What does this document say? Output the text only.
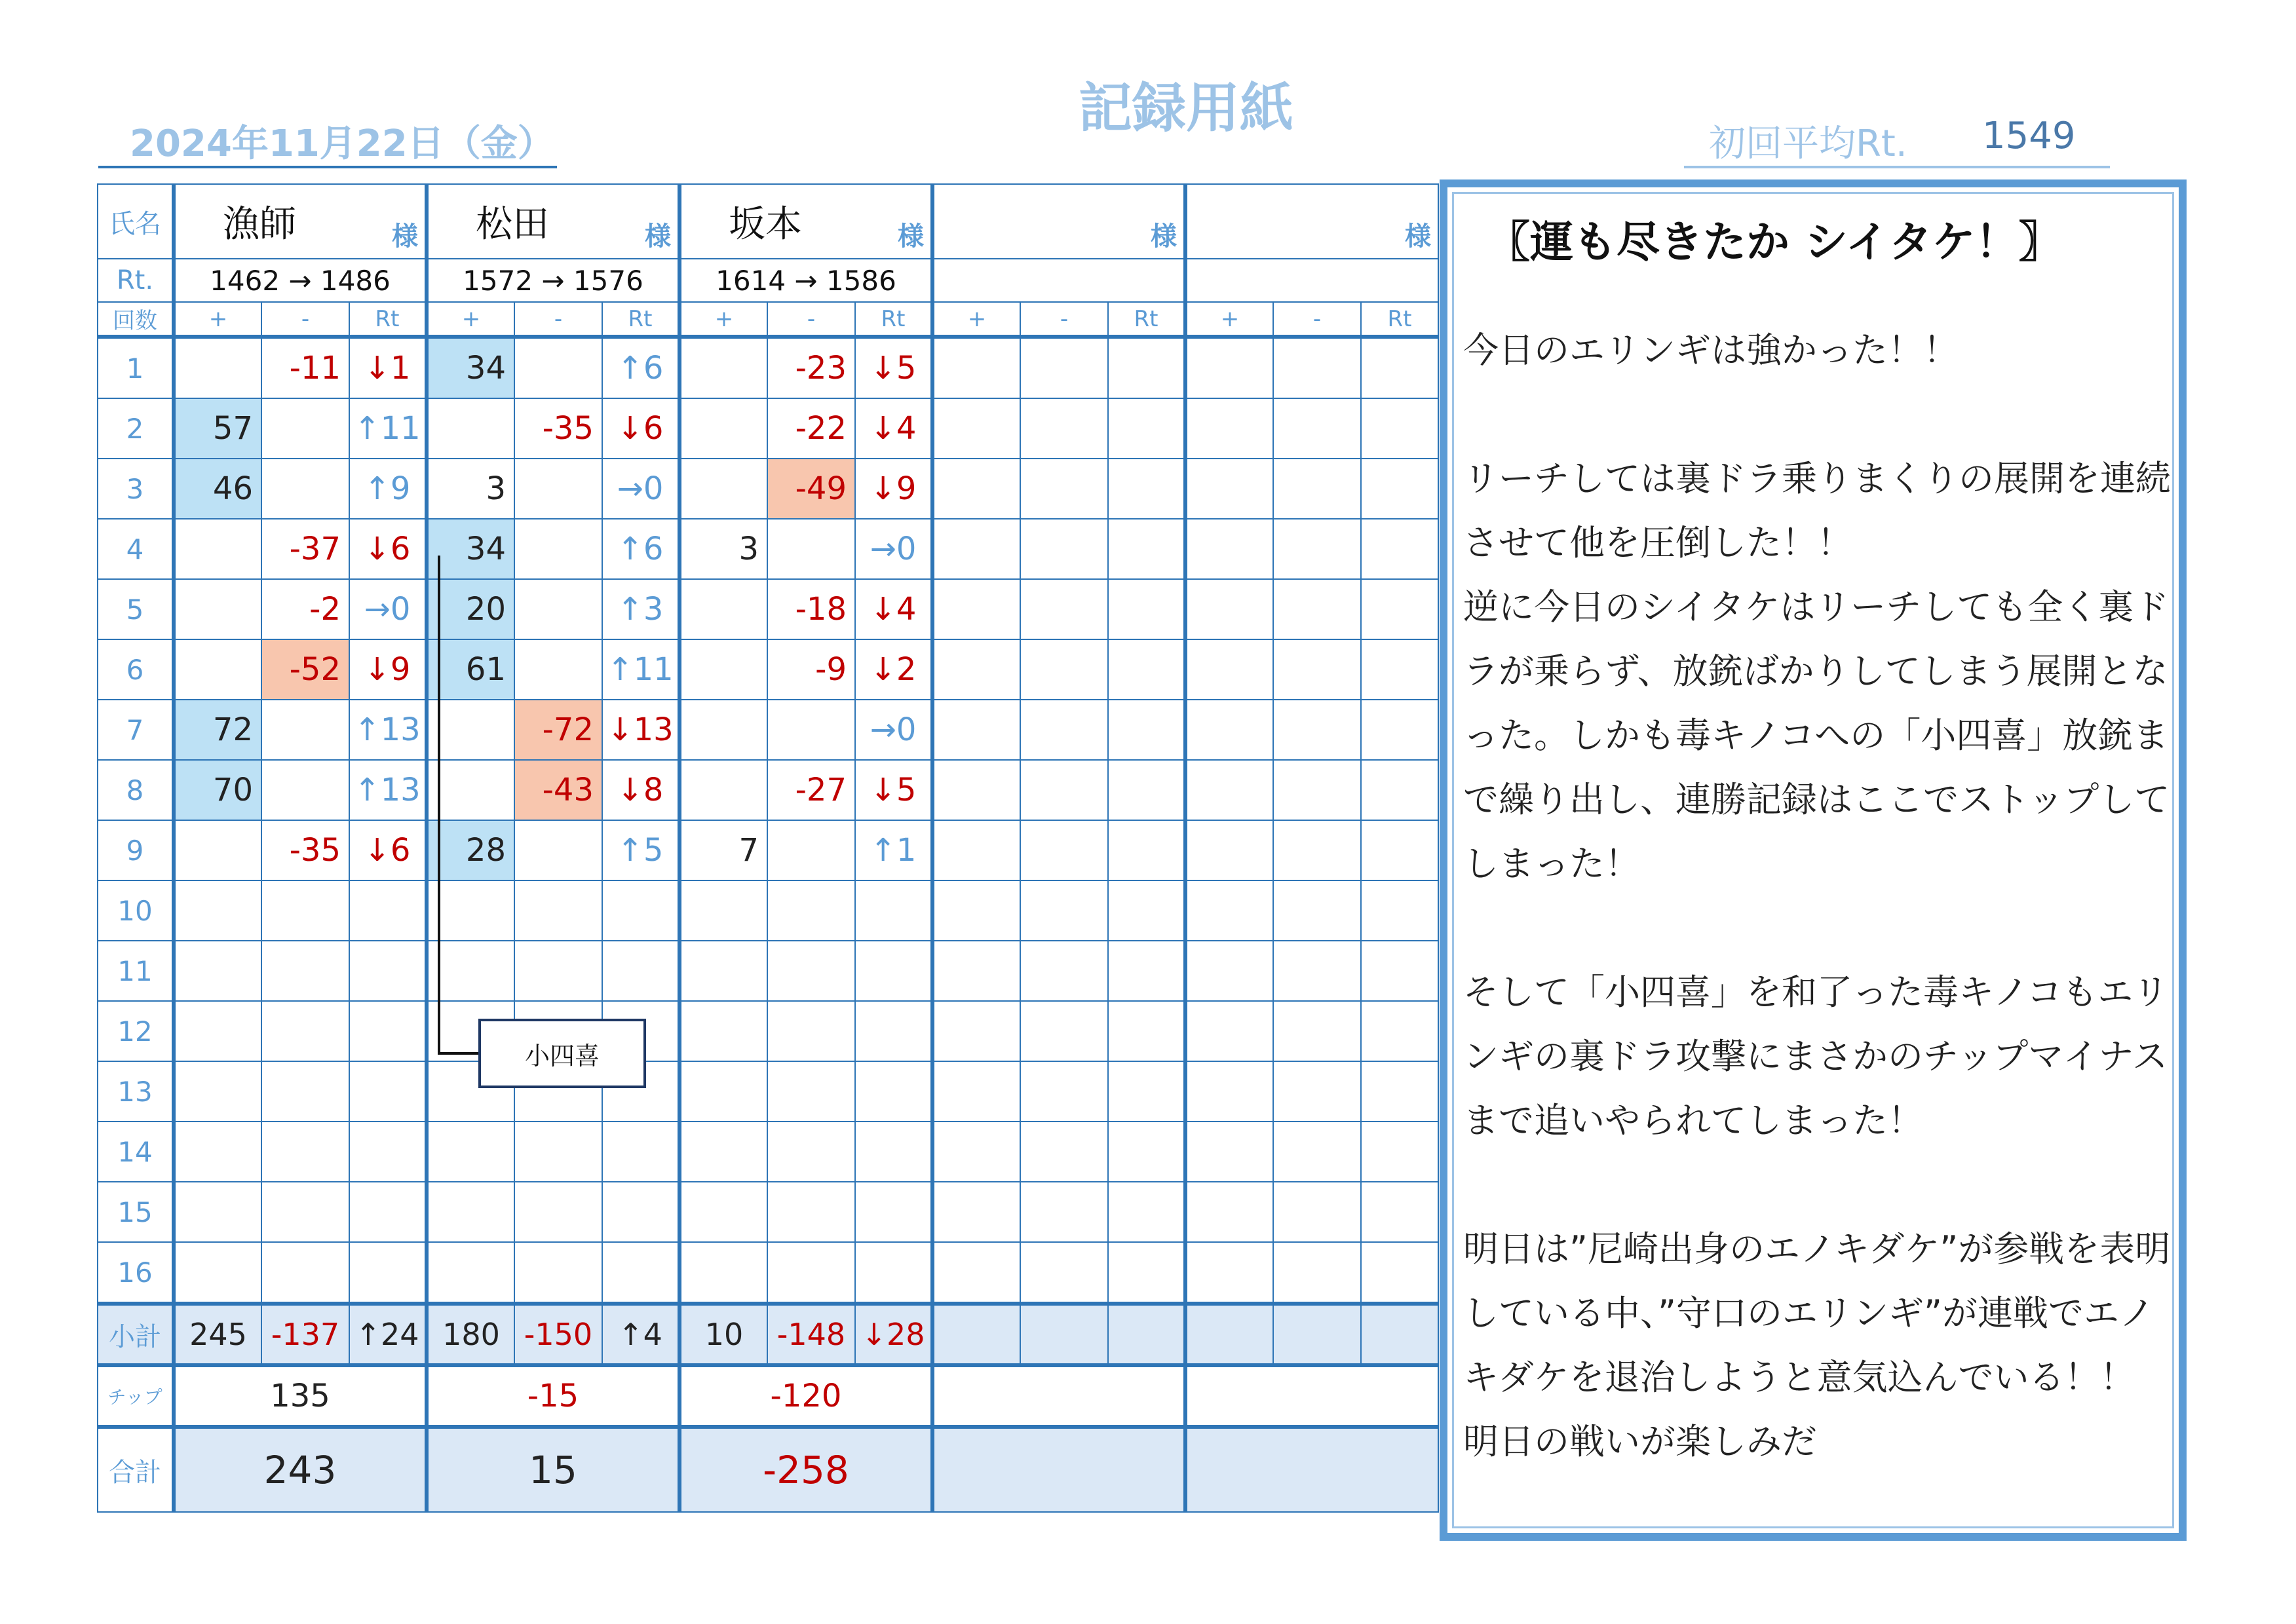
記録用紙
2024年11月22日（金）	初回平均Rt. 1549
氏名	漁師 様			松田 様			坂本 様			様			様		

Rt.	1462 → 1486			1572 → 1576			1614 → 1586								
回数	+	-	Rt	+	-	Rt	+	-	Rt	+	-	Rt	+	-	Rt
1		-11	↓1	34		↑6		-23	↓5						
2	57		↑11		-35	↓6		-22	↓4						
3	46		↑9	3		→0		-49	↓9						
4		-37	↓6	34		↑6	3		→0						
5		-2	→0	20		↑3		-18	↓4						
6		-52	↓9	61		↑11		-9	↓2						
7	72		↑13		-72	↓13			→0						
8	70		↑13		-43	↓8		-27	↓5						
9		-35	↓6	28		↑5	7		↑1						
10															
11															
12															
13															
14															
15															
16															
小計	245	-137	↑24	180	-150	↑4	10	-148	↓28						
チップ	135			-15			-120								
合計	243			15			-258								
小四喜
〖運も尽きたか シイタケ！〗

今日のエリンギは強かった！！

リーチしては裏ドラ乗りまくりの展開を連続させて他を圧倒した！！

逆に今日のシイタケはリーチしても全く裏ドラが乗らず、放銃ばかりしてしまう展開となった。しかも毒キノコへの「小四喜」放銃まで繰り出し、連勝記録はここでストップしてしまった！

そして「小四喜」を和了った毒キノコもエリンギの裏ドラ攻撃にまさかのチップマイナスまで追いやられてしまった！

明日は”尼崎出身のエノキダケ”が参戦を表明している中、”守口のエリンギ”が連戦でエノキダケを退治しようと意気込んでいる！！　明日の戦いが楽しみだ
